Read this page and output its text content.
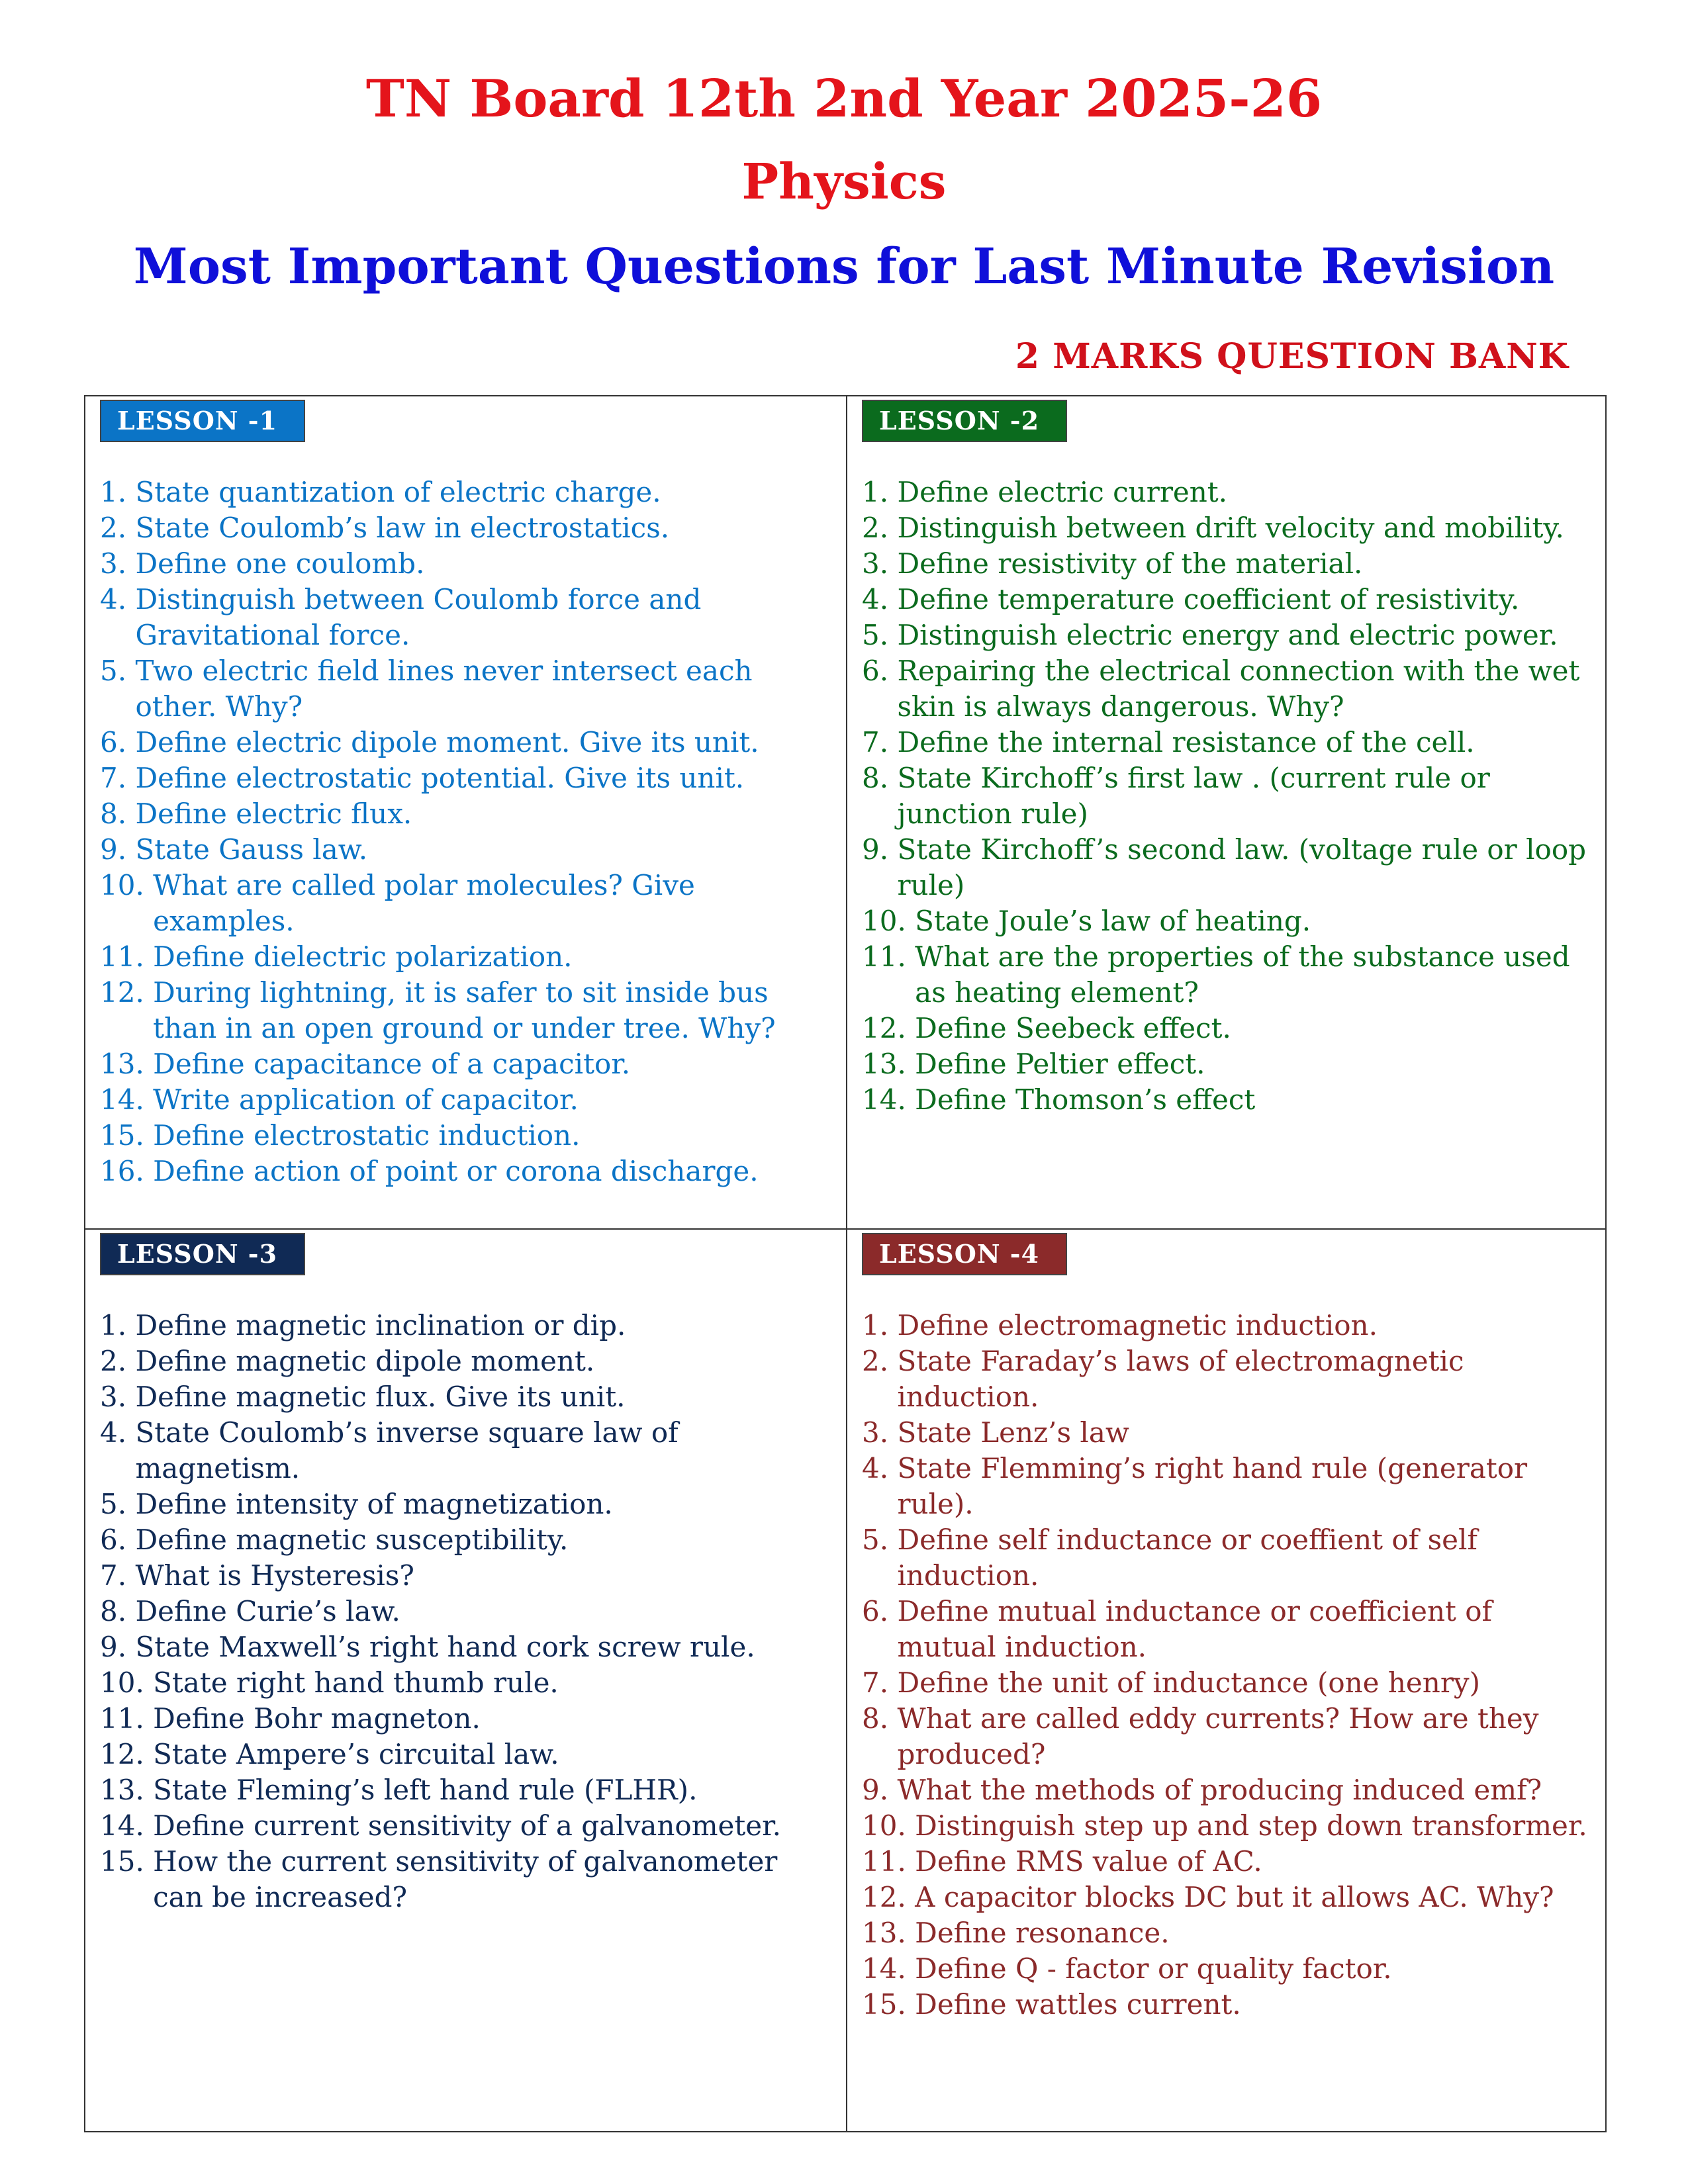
TN Board 12th 2nd Year 2025-26
Physics
Most Important Questions for Last Minute Revision
2 MARKS QUESTION BANK
LESSON -1
1. State quantization of electric charge.
2. State Coulomb’s law in electrostatics.
3. Define one coulomb.
4. Distinguish between Coulomb force and Gravitational force.
5. Two electric field lines never intersect each other. Why?
6. Define electric dipole moment. Give its unit.
7. Define electrostatic potential. Give its unit.
8. Define electric flux.
9. State Gauss law.
10. What are called polar molecules? Give examples.
11. Define dielectric polarization.
12. During lightning, it is safer to sit inside bus than in an open ground or under tree. Why?
13. Define capacitance of a capacitor.
14. Write application of capacitor.
15. Define electrostatic induction.
16. Define action of point or corona discharge.
LESSON -2
1. Define electric current.
2. Distinguish between drift velocity and mobility.
3. Define resistivity of the material.
4. Define temperature coefficient of resistivity.
5. Distinguish electric energy and electric power.
6. Repairing the electrical connection with the wet skin is always dangerous. Why?
7. Define the internal resistance of the cell.
8. State Kirchoff’s first law . (current rule or junction rule)
9. State Kirchoff’s second law. (voltage rule or loop rule)
10. State Joule’s law of heating.
11. What are the properties of the substance used as heating element?
12. Define Seebeck effect.
13. Define Peltier effect.
14. Define Thomson’s effect
LESSON -3
1. Define magnetic inclination or dip.
2. Define magnetic dipole moment.
3. Define magnetic flux. Give its unit.
4. State Coulomb’s inverse square law of magnetism.
5. Define intensity of magnetization.
6. Define magnetic susceptibility.
7. What is Hysteresis?
8. Define Curie’s law.
9. State Maxwell’s right hand cork screw rule.
10. State right hand thumb rule.
11. Define Bohr magneton.
12. State Ampere’s circuital law.
13. State Fleming’s left hand rule (FLHR).
14. Define current sensitivity of a galvanometer.
15. How the current sensitivity of galvanometer can be increased?
LESSON -4
1. Define electromagnetic induction.
2. State Faraday’s laws of electromagnetic induction.
3. State Lenz’s law
4. State Flemming’s right hand rule (generator rule).
5. Define self inductance or coeffient of self induction.
6. Define mutual inductance or coefficient of mutual induction.
7. Define the unit of inductance (one henry)
8. What are called eddy currents? How are they produced?
9. What the methods of producing induced emf?
10. Distinguish step up and step down transformer.
11. Define RMS value of AC.
12. A capacitor blocks DC but it allows AC. Why?
13. Define resonance.
14. Define Q - factor or quality factor.
15. Define wattles current.
